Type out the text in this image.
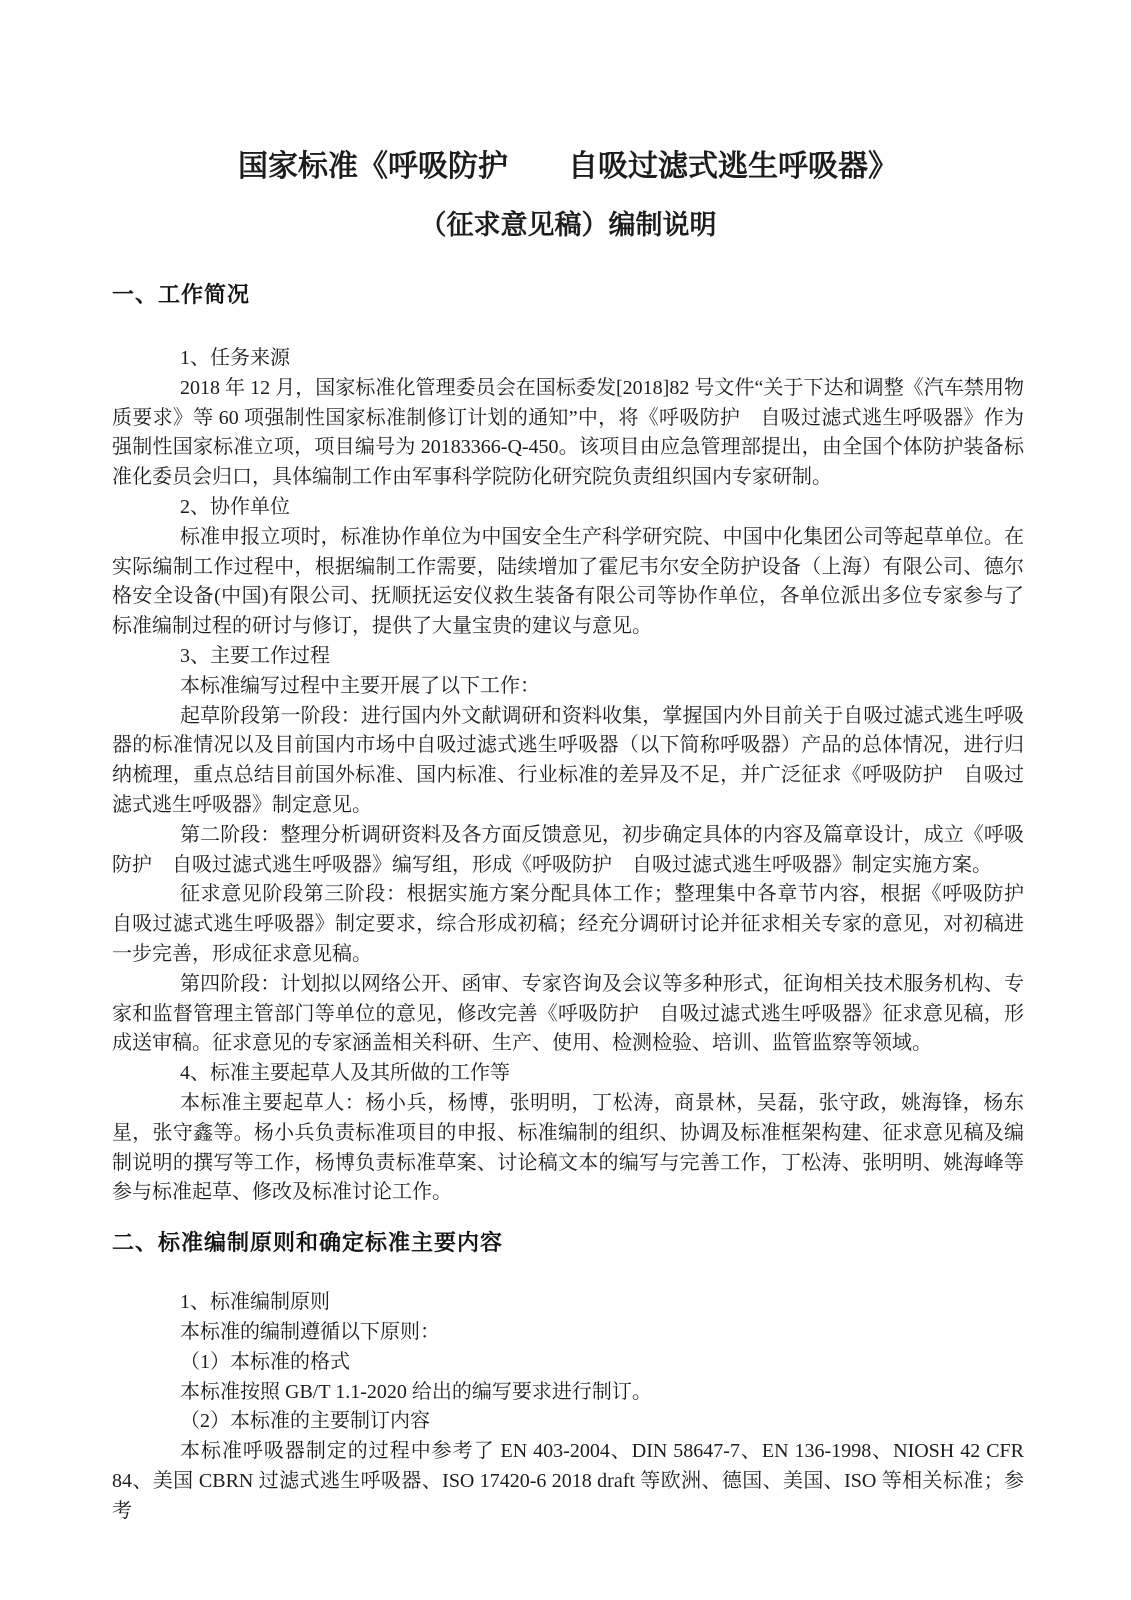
国家标准《呼吸防护　　自吸过滤式逃生呼吸器》
（征求意见稿）编制说明
一、工作简况

1、任务来源

2018 年 12 月，国家标准化管理委员会在国标委发[2018]82 号文件“关于下达和调整《汽车禁用物质要求》等 60 项强制性国家标准制修订计划的通知”中，将《呼吸防护　自吸过滤式逃生呼吸器》作为强制性国家标准立项，项目编号为 20183366-Q-450。该项目由应急管理部提出，由全国个体防护装备标准化委员会归口，具体编制工作由军事科学院防化研究院负责组织国内专家研制。

2、协作单位

标准申报立项时，标准协作单位为中国安全生产科学研究院、中国中化集团公司等起草单位。在实际编制工作过程中，根据编制工作需要，陆续增加了霍尼韦尔安全防护设备（上海）有限公司、德尔格安全设备(中国)有限公司、抚顺抚运安仪救生装备有限公司等协作单位，各单位派出多位专家参与了标准编制过程的研讨与修订，提供了大量宝贵的建议与意见。

3、主要工作过程

本标准编写过程中主要开展了以下工作：

起草阶段第一阶段：进行国内外文献调研和资料收集，掌握国内外目前关于自吸过滤式逃生呼吸器的标准情况以及目前国内市场中自吸过滤式逃生呼吸器（以下简称呼吸器）产品的总体情况，进行归纳梳理，重点总结目前国外标准、国内标准、行业标准的差异及不足，并广泛征求《呼吸防护　自吸过滤式逃生呼吸器》制定意见。

第二阶段：整理分析调研资料及各方面反馈意见，初步确定具体的内容及篇章设计，成立《呼吸防护　自吸过滤式逃生呼吸器》编写组，形成《呼吸防护　自吸过滤式逃生呼吸器》制定实施方案。

征求意见阶段第三阶段：根据实施方案分配具体工作；整理集中各章节内容，根据《呼吸防护　自吸过滤式逃生呼吸器》制定要求，综合形成初稿；经充分调研讨论并征求相关专家的意见，对初稿进一步完善，形成征求意见稿。

第四阶段：计划拟以网络公开、函审、专家咨询及会议等多种形式，征询相关技术服务机构、专家和监督管理主管部门等单位的意见，修改完善《呼吸防护　自吸过滤式逃生呼吸器》征求意见稿，形成送审稿。征求意见的专家涵盖相关科研、生产、使用、检测检验、培训、监管监察等领域。

4、标准主要起草人及其所做的工作等

本标准主要起草人：杨小兵，杨博，张明明，丁松涛，商景林，吴磊，张守政，姚海锋，杨东星，张守鑫等。杨小兵负责标准项目的申报、标准编制的组织、协调及标准框架构建、征求意见稿及编制说明的撰写等工作，杨博负责标准草案、讨论稿文本的编写与完善工作，丁松涛、张明明、姚海峰等参与标准起草、修改及标准讨论工作。

二、标准编制原则和确定标准主要内容

1、标准编制原则

本标准的编制遵循以下原则：

（1）本标准的格式

本标准按照 GB/T 1.1-2020 给出的编写要求进行制订。

（2）本标准的主要制订内容

本标准呼吸器制定的过程中参考了 EN 403-2004、DIN 58647-7、EN 136-1998、NIOSH 42 CFR 84、美国 CBRN 过滤式逃生呼吸器、ISO 17420-6 2018 draft 等欧洲、德国、美国、ISO 等相关标准；参考
